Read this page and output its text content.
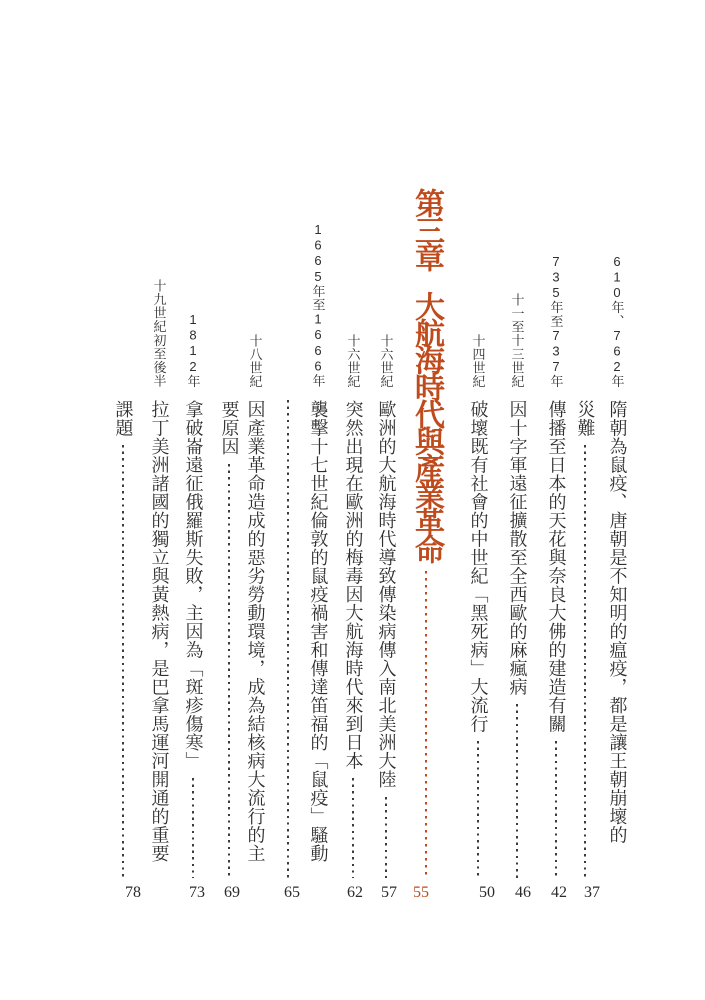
第三章
大航海時代與產業革命
55
610年、762年
隋朝為鼠疫、唐朝是不知明的瘟疫，都是讓王朝崩壞的
災難
37
735年至737年
傳播至日本的天花與奈良大佛的建造有關
42
十一至十三世紀
因十字軍遠征擴散至全西歐的麻瘋病
46
十四世紀
破壞既有社會的中世紀「黑死病」大流行
50
十六世紀
歐洲的大航海時代導致傳染病傳入南北美洲大陸
57
十六世紀
突然出現在歐洲的梅毒因大航海時代來到日本
62
1665年至1666年
襲擊十七世紀倫敦的鼠疫禍害和傳達笛福的「鼠疫」騷動
65
十八世紀
因產業革命造成的惡劣勞動環境，成為結核病大流行的主
要原因
69
1812年
拿破崙遠征俄羅斯失敗，主因為「斑疹傷寒」
73
十九世紀初至後半
拉丁美洲諸國的獨立與黃熱病，是巴拿馬運河開通的重要
課題
78
